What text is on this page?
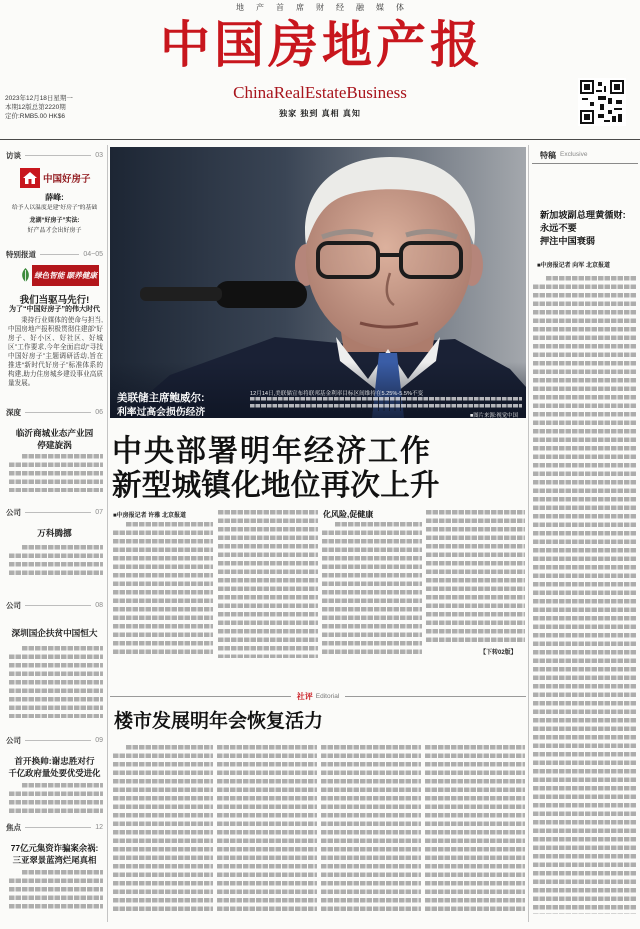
地产首席财经融媒体
中国房地产报
ChinaRealEstateBusiness
独家 独到 真相 真知
2023年12月18日星期一
本期12版总第2220期
定价:RMB5.00 HK$6
访谈	03
中国好房子
薛峰:
给予人以温度是建“好房子”的基础
龙湖“好房子”实法:
好产品才会出好房子
特别报道	04~05
绿色智能 颐养健康
我们当驱马先行!
为了“中国好房子”的伟大时代
秉持行业媒体的使命与担当,中国房地产报积极贯彻住建部“好房子、好小区、好社区、好城区”工作要求,今年全面启动“寻找中国好房子”主题调研活动,旨在推进“新时代好房子”标准体系的构建,助力住房城乡建设事业高质量发展。
深度	06
临沂商城业态产业园
停建旋涡
公司	07
万科腾挪
公司	08
深圳国企扶贫中国恒大
公司	09
首开换帅:谢忠胜对行
千亿政府量处要优受进化
焦点	12
77亿元集资诈骗案余祸:
三亚翠景蓝湾烂尾真相
美联储主席鲍威尔:
利率过高会损伤经济
12月14日,美联储宣布将联邦基金利率目标区间维持在5.25%-5.5%不变
■图片来源:视觉中国
中央部署明年经济工作
新型城镇化地位再次上升
■中房报记者 许雅 北京报道	化风险,促健康
【下转02版】
社评 Editorial
楼市发展明年会恢复活力
特稿 Exclusive
新加坡副总理黄循财:
永远不要
押注中国衰弱
■中房报记者 向军 北京报道
